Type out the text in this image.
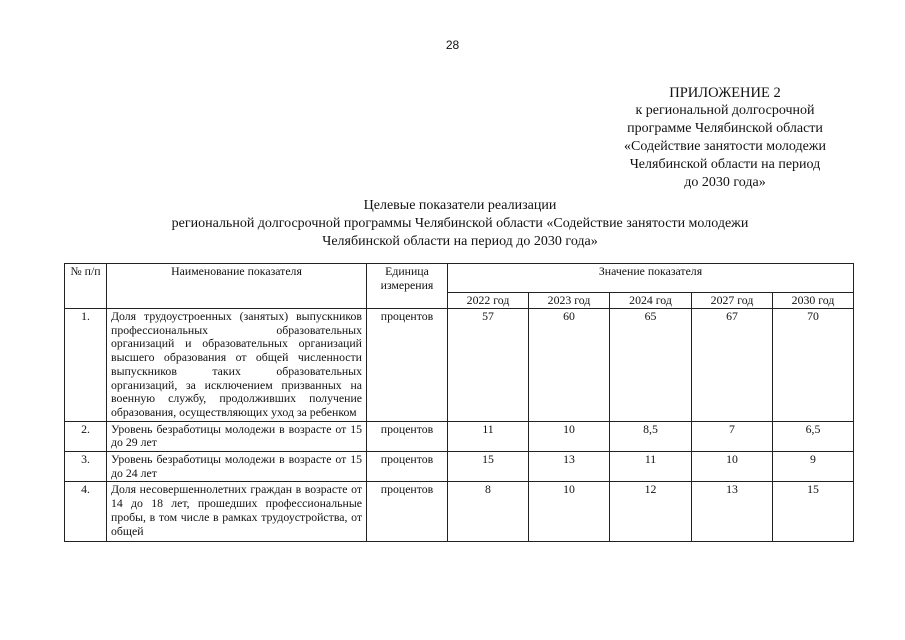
28
ПРИЛОЖЕНИЕ 2
к региональной долгосрочной
программе Челябинской области
«Содействие занятости молодежи
Челябинской области на период
до 2030 года»
Целевые показатели реализации
региональной долгосрочной программы Челябинской области «Содействие занятости молодежи
Челябинской области на период до 2030 года»
№ п/п	Наименование показателя	Единица измерения	Значение показателя				
			2022 год	2023 год	2024 год	2027 год	2030 год
1.	Доля трудоустроенных (занятых) выпускников профессиональных образовательных организаций и образовательных организаций высшего образования от общей численности выпускников таких образовательных организаций, за исключением призванных на военную службу, продолживших получение образования, осуществляющих уход за ребенком	процентов	57	60	65	67	70
2.	Уровень безработицы молодежи в возрасте от 15 до 29 лет	процентов	11	10	8,5	7	6,5
3.	Уровень безработицы молодежи в возрасте от 15 до 24 лет	процентов	15	13	11	10	9
4.	Доля несовершеннолетних граждан в возрасте от 14 до 18 лет, прошедших профессиональные пробы, в том числе в рамках трудоустройства, от общей	процентов	8	10	12	13	15
